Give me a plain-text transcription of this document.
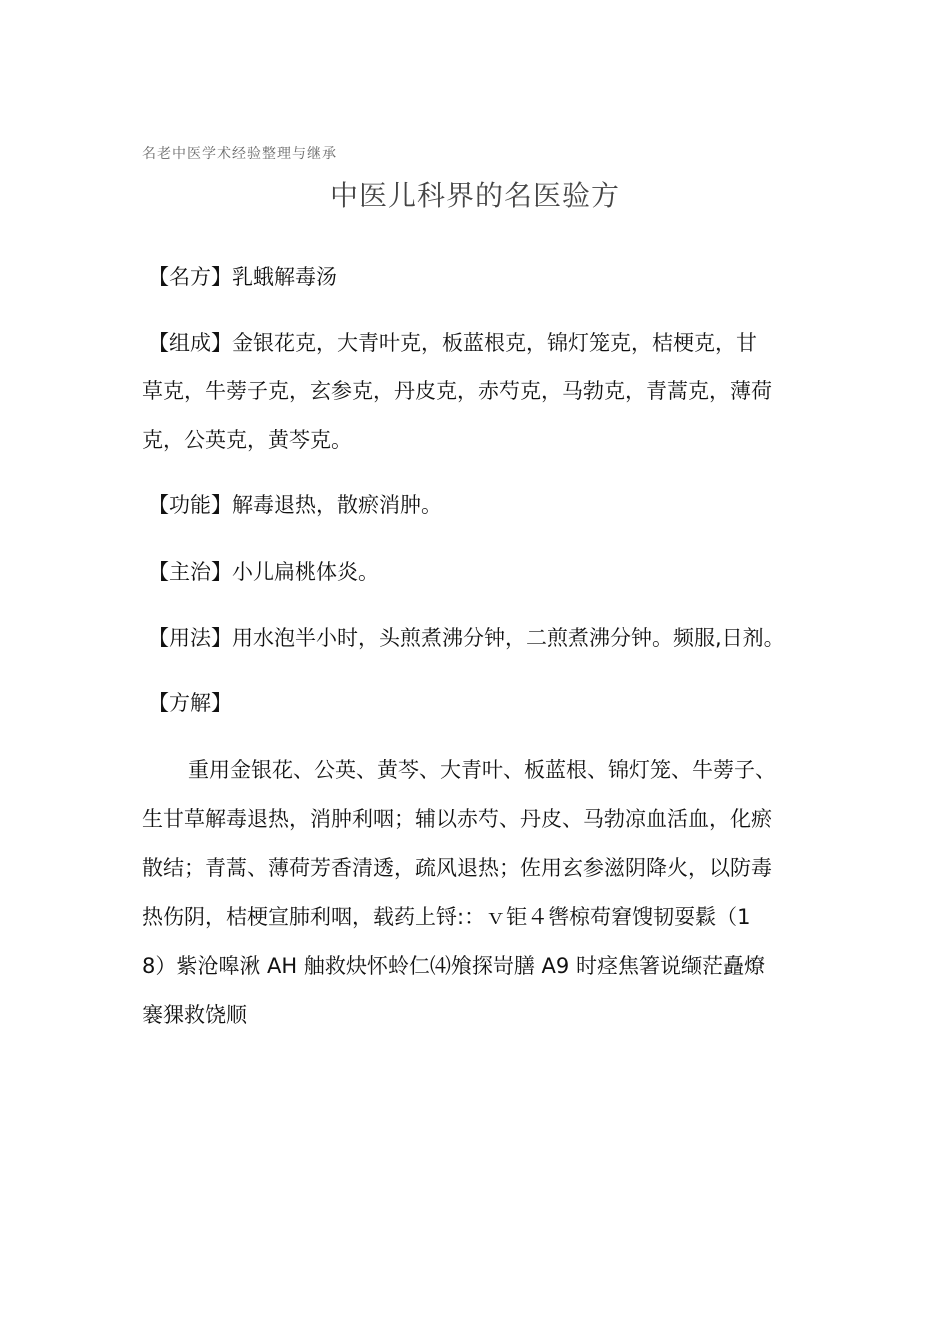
名老中医学术经验整理与继承
中医儿科界的名医验方
【名方】乳蛾解毒汤
【组成】金银花克，大青叶克，板蓝根克，锦灯笼克，桔梗克，甘
草克，牛蒡子克，玄参克，丹皮克，赤芍克，马勃克，青蒿克，薄荷
克，公英克，黄芩克。
【功能】解毒退热，散瘀消肿。
【主治】小儿扁桃体炎。
【用法】用水泡半小时，头煎煮沸分钟，二煎煮沸分钟。频服,日剂。
【方解】
重用金银花、公英、黄芩、大青叶、板蓝根、锦灯笼、牛蒡子、
生甘草解毒退热，消肿利咽；辅以赤芍、丹皮、马勃凉血活血，化瘀
散结；青蒿、薄荷芳香清透，疏风退热；佐用玄参滋阴降火，以防毒
热伤阴，桔梗宣肺利咽，载药上锊:：ｖ钜４辔椋苟窘馊韧耍鬏（1
8）紫沧嗥湫 AH 舳救炔怀蛉仁⑷飧探岢膳 A9 时痉焦箸说缬茫矗燎
褰猓救饶顺
